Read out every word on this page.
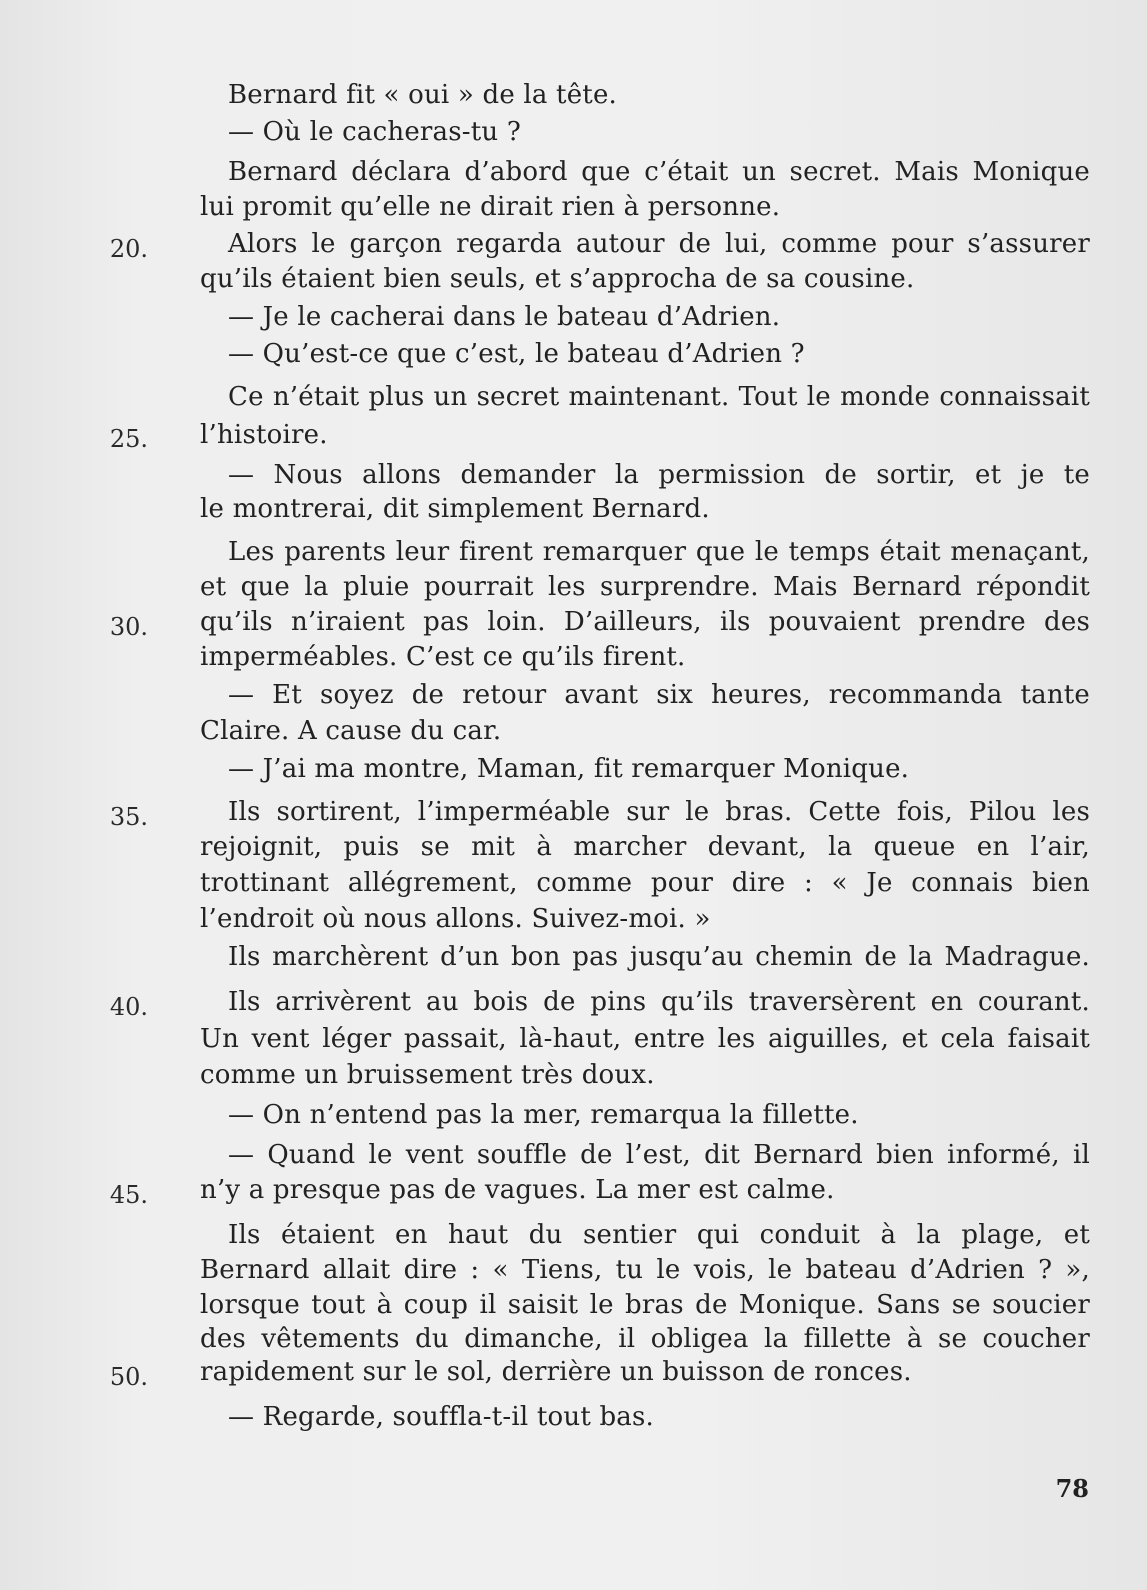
Bernard fit « oui » de la tête.
— Où le cacheras-tu ?
Bernard déclara d’abord que c’était un secret. Mais Monique
lui promit qu’elle ne dirait rien à personne.
Alors le garçon regarda autour de lui, comme pour s’assurer
qu’ils étaient bien seuls, et s’approcha de sa cousine.
— Je le cacherai dans le bateau d’Adrien.
— Qu’est-ce que c’est, le bateau d’Adrien ?
Ce n’était plus un secret maintenant. Tout le monde connaissait
l’histoire.
— Nous allons demander la permission de sortir, et je te
le montrerai, dit simplement Bernard.
Les parents leur firent remarquer que le temps était menaçant,
et que la pluie pourrait les surprendre. Mais Bernard répondit
qu’ils n’iraient pas loin. D’ailleurs, ils pouvaient prendre des
imperméables. C’est ce qu’ils firent.
— Et soyez de retour avant six heures, recommanda tante
Claire. A cause du car.
— J’ai ma montre, Maman, fit remarquer Monique.
Ils sortirent, l’imperméable sur le bras. Cette fois, Pilou les
rejoignit, puis se mit à marcher devant, la queue en l’air,
trottinant allégrement, comme pour dire : « Je connais bien
l’endroit où nous allons. Suivez-moi. »
Ils marchèrent d’un bon pas jusqu’au chemin de la Madrague.
Ils arrivèrent au bois de pins qu’ils traversèrent en courant.
Un vent léger passait, là-haut, entre les aiguilles, et cela faisait
comme un bruissement très doux.
— On n’entend pas la mer, remarqua la fillette.
— Quand le vent souffle de l’est, dit Bernard bien informé, il
n’y a presque pas de vagues. La mer est calme.
Ils étaient en haut du sentier qui conduit à la plage, et
Bernard allait dire : « Tiens, tu le vois, le bateau d’Adrien ? »,
lorsque tout à coup il saisit le bras de Monique. Sans se soucier
des vêtements du dimanche, il obligea la fillette à se coucher
rapidement sur le sol, derrière un buisson de ronces.
— Regarde, souffla-t-il tout bas.
20.
25.
30.
35.
40.
45.
50.
78
